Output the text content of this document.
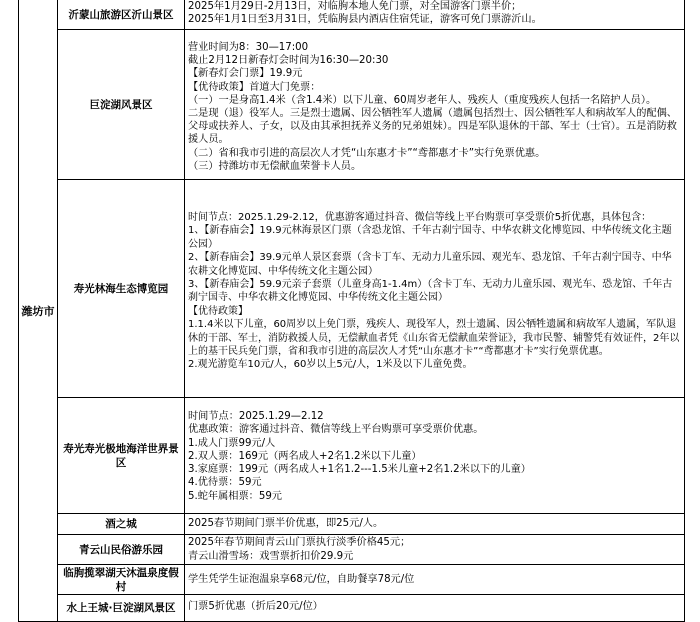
潍坊市
沂蒙山旅游区沂山景区
2025年1月29日-2月13日，对临朐本地人免门票，对全国游客门票半价；
2025年1月1日至3月31日，凭临朐县内酒店住宿凭证，游客可免门票游沂山。
巨淀湖风景区
营业时间为8：30—17:00
截止2月12日新春灯会时间为16:30—20:30
【新春灯会门票】19.9元
【优待政策】首道大门免票：
（一）一是身高1.4米（含1.4米）以下儿童、60周岁老年人、残疾人（重度残疾人包括一名陪护人员）。
二是现（退）役军人。三是烈士遗属、因公牺牲军人遗属（遗属包括烈士、因公牺牲军人和病故军人的配偶、父母或扶养人、子女，以及由其承担抚养义务的兄弟姐妹）。四是军队退休的干部、军士（士官）。五是消防救援人员。
（二）省和我市引进的高层次人才凭“山东惠才卡”“鸢都惠才卡”实行免票优惠。
（三）持潍坊市无偿献血荣誉卡人员。
寿光林海生态博览园
时间节点：2025.1.29-2.12，优惠游客通过抖音、微信等线上平台购票可享受票价5折优惠，具体包含：
1、【新春庙会】19.9元林海景区门票（含恐龙馆、千年古刹宁国寺、中华农耕文化博览园、中华传统文化主题公园）
2、【新春庙会】39.9元单人景区套票（含卡丁车、无动力儿童乐园、观光车、恐龙馆、千年古刹宁国寺、中华农耕文化博览园、中华传统文化主题公园）
3、【新春庙会】59.9元亲子套票（儿童身高1-1.4m）（含卡丁车、无动力儿童乐园、观光车、恐龙馆、千年古刹宁国寺、中华农耕文化博览园、中华传统文化主题公园）
【优待政策】
1.1.4米以下儿童，60周岁以上免门票，残疾人、现役军人，烈士遗属、因公牺牲遗属和病故军人遗属，军队退休的干部、军士，消防救援人员，无偿献血者凭《山东省无偿献血荣誉证》，我市民警、辅警凭有效证件，2年以上的基干民兵免门票，省和我市引进的高层次人才凭“山东惠才卡”“鸢都惠才卡”实行免票优惠。
2.观光游览车10元/人，60岁以上5元/人，1米及以下儿童免费。
寿光寿光极地海洋世界景区
时间节点：2025.1.29—2.12
优惠政策：游客通过抖音、微信等线上平台购票可享受票价优惠。
1.成人门票99元/人
2.双人票：169元（两名成人+2名1.2米以下儿童）
3.家庭票：199元（两名成人+1名1.2---1.5米儿童+2名1.2米以下的儿童）
4.优待票：59元
5.蛇年属相票：59元
酒之城	2025春节期间门票半价优惠，即25元/人。
青云山民俗游乐园
2025年春节期间青云山门票执行淡季价格45元；
青云山滑雪场：戏雪票折扣价29.9元
临朐揽翠湖天沐温泉度假村
学生凭学生证泡温泉享68元/位，自助餐享78元/位
水上王城·巨淀湖风景区 门票5折优惠（折后20元/位）
